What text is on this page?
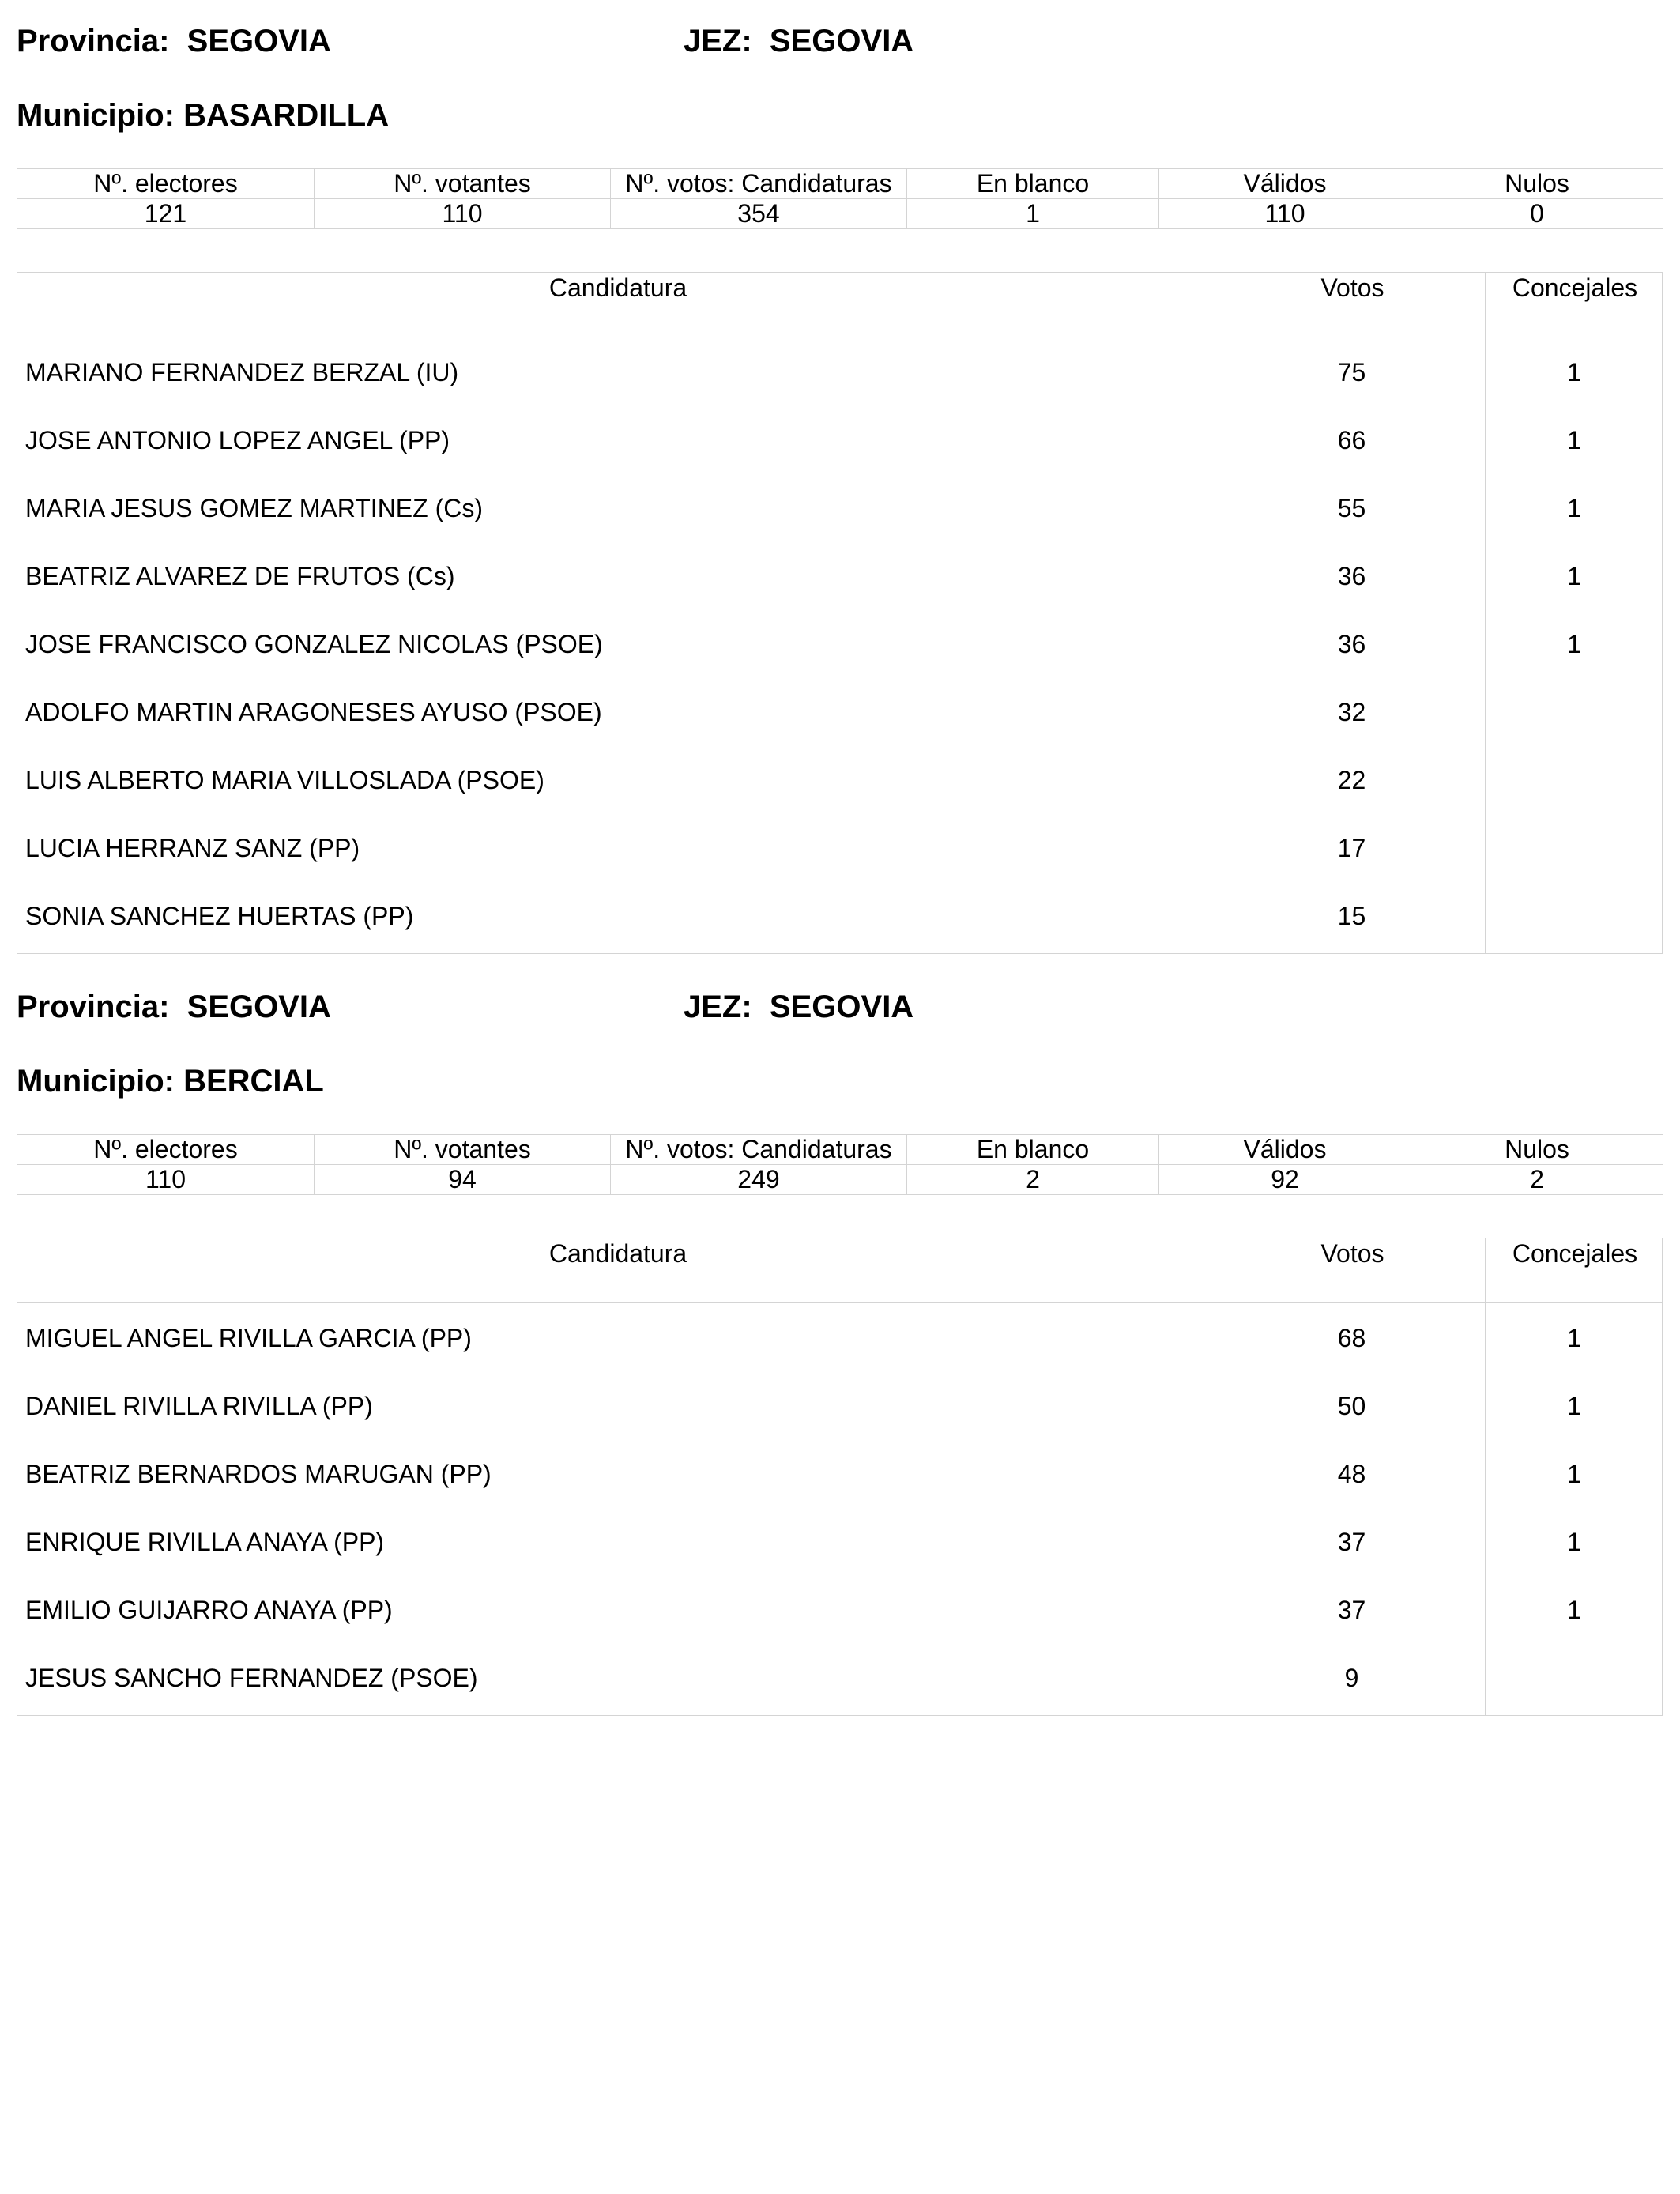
Provincia: SEGOVIA	JEZ: SEGOVIA
Municipio: BASARDILLA
Nº. electores	Nº. votantes	Nº. votos: Candidaturas	En blanco	Válidos	Nulos
121	110	354	1	110	0
Candidatura	Votos	Concejales
MARIANO FERNANDEZ BERZAL (IU)	75	1
JOSE ANTONIO LOPEZ ANGEL (PP)	66	1
MARIA JESUS GOMEZ MARTINEZ (Cs)	55	1
BEATRIZ ALVAREZ DE FRUTOS (Cs)	36	1
JOSE FRANCISCO GONZALEZ NICOLAS (PSOE)	36	1
ADOLFO MARTIN ARAGONESES AYUSO (PSOE)	32
LUIS ALBERTO MARIA VILLOSLADA (PSOE)	22
LUCIA HERRANZ SANZ (PP)	17
SONIA SANCHEZ HUERTAS (PP)	15
Provincia: SEGOVIA	JEZ: SEGOVIA
Municipio: BERCIAL
Nº. electores	Nº. votantes	Nº. votos: Candidaturas	En blanco	Válidos	Nulos
110	94	249	2	92	2
Candidatura	Votos	Concejales
MIGUEL ANGEL RIVILLA GARCIA (PP)	68	1
DANIEL RIVILLA RIVILLA (PP)	50	1
BEATRIZ BERNARDOS MARUGAN (PP)	48	1
ENRIQUE RIVILLA ANAYA (PP)	37	1
EMILIO GUIJARRO ANAYA (PP)	37	1
JESUS SANCHO FERNANDEZ (PSOE)	9
